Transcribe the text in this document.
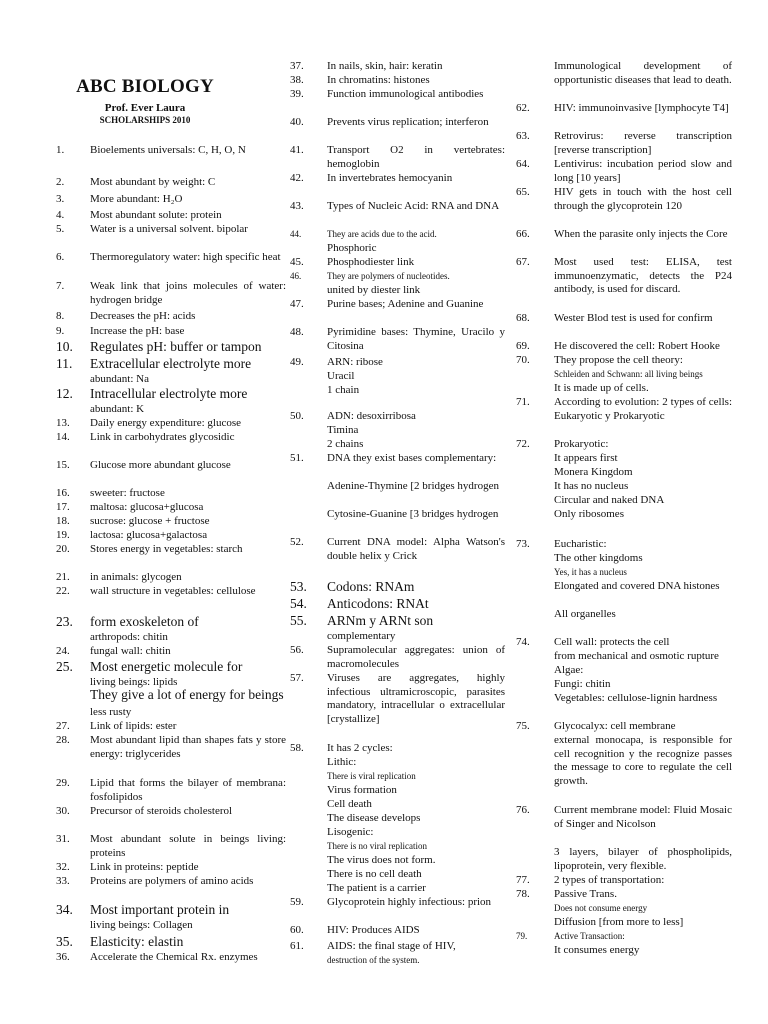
ABC BIOLOGY
Prof. Ever Laura
SCHOLARSHIPS 2010
1. Bioelements universals: C, H, O, N
2. Most abundant by weight: C
3. More abundant: H₂O
4. Most abundant solute: protein
5. Water is a universal solvent. bipolar
6. Thermoregulatory water: high specific heat
7. Weak link that joins molecules of water: hydrogen bridge
8. Decreases the pH: acids
9. Increase the pH: base
10. Regulates pH: buffer or tampon
11. Extracellular electrolyte more
abundant: Na
12. Intracellular electrolyte more
abundant: K
13. Daily energy expenditure: glucose
14. Link in carbohydrates glycosidic
15. Glucose more abundant glucose
16. sweeter: fructose
17. maltosa: glucosa+glucosa
18. sucrose: glucose + fructose
19. lactosa: glucosa+galactosa
20. Stores energy in vegetables: starch
21. in animals: glycogen
22. wall structure in vegetables: cellulose
23. form exoskeleton of
arthropods: chitin
24. fungal wall: chitin
25. Most energetic molecule for
living beings: lipids
They give a lot of energy for beings
less rusty
27. Link of lipids: ester
28. Most abundant lipid than shapes fats y store energy: triglycerides
29. Lipid that forms the bilayer of membrana: fosfolipidos
30. Precursor of steroids cholesterol
31. Most abundant solute in beings living: proteins
32. Link in proteins: peptide
33. Proteins are polymers of amino acids
34. Most important protein in
living beings: Collagen
35. Elasticity: elastin
36. Accelerate the Chemical Rx. enzymes
37. In nails, skin, hair: keratin
38. In chromatins: histones
39. Function immunological antibodies
40. Prevents virus replication; interferon
41. Transport O2 in vertebrates: hemoglobin
42. In invertebrates hemocyanin
43. Types of Nucleic Acid: RNA and DNA
44.	They are acids due to the acid.
Phosphoric
45. Phosphodiester link
46.	They are polymers of nucleotides.
united by diester link
47. Purine bases; Adenine and Guanine
48. Pyrimidine bases: Thymine, Uracilo y Citosina
49. ARN: ribose
Uracil
1 chain
50. ADN: desoxirribosa
Timina
2 chains
51. DNA they exist bases complementary:
Adenine-Thymine [2 bridges hydrogen
Cytosine-Guanine [3 bridges hydrogen
52. Current DNA model: Alpha Watson's double helix y Crick
53. Codons: RNAm
54. Anticodons: RNAt
55. ARNm y ARNt son
complementary
56. Supramolecular aggregates: union of macromolecules
57. Viruses are aggregates, highly infectious ultramicroscopic, parasites mandatory, intracellular o extracellular [crystallize]
58. It has 2 cycles:
Lithic:
There is viral replication
Virus formation
Cell death
The disease develops
Lisogenic:
There is no viral replication
The virus does not form.
There is no cell death
The patient is a carrier
59. Glycoprotein highly infectious: prion
60. HIV: Produces AIDS
61. AIDS: the final stage of HIV,
destruction of the system.
Immunological development of opportunistic diseases that lead to death.
62. HIV: immunoinvasive [lymphocyte T4]
63. Retrovirus: reverse transcription [reverse transcription]
64. Lentivirus: incubation period slow and long [10 years]
65. HIV gets in touch with the host cell through the glycoprotein 120
66. When the parasite only injects the Core
67. Most used test: ELISA, test immunoenzymatic, detects the P24 antibody, is used for discard.
68. Wester Blod test is used for confirm
69. He discovered the cell: Robert Hooke
70. They propose the cell theory:
Schleiden and Schwann: all living beings
It is made up of cells.
71. According to evolution: 2 types of cells: Eukaryotic y Prokaryotic
72. Prokaryotic:
It appears first
Monera Kingdom
It has no nucleus
Circular and naked DNA
Only ribosomes
73. Eucharistic:
The other kingdoms
Yes, it has a nucleus
Elongated and covered DNA histones
All organelles
74. Cell wall: protects the cell
from mechanical and osmotic rupture
Algae:
Fungi: chitin
Vegetables: cellulose-lignin hardness
75. Glycocalyx: cell membrane
external monocapa, is responsible for cell recognition y the recognize passes the message to core to regulate the cell growth.
76. Current membrane model: Fluid Mosaic of Singer and Nicolson
3 layers, bilayer of phospholipids, lipoprotein, very flexible.
77. 2 types of transportation:
78. Passive Trans.
Does not consume energy
Diffusion [from more to less]
79.	Active Transaction:
It consumes energy
